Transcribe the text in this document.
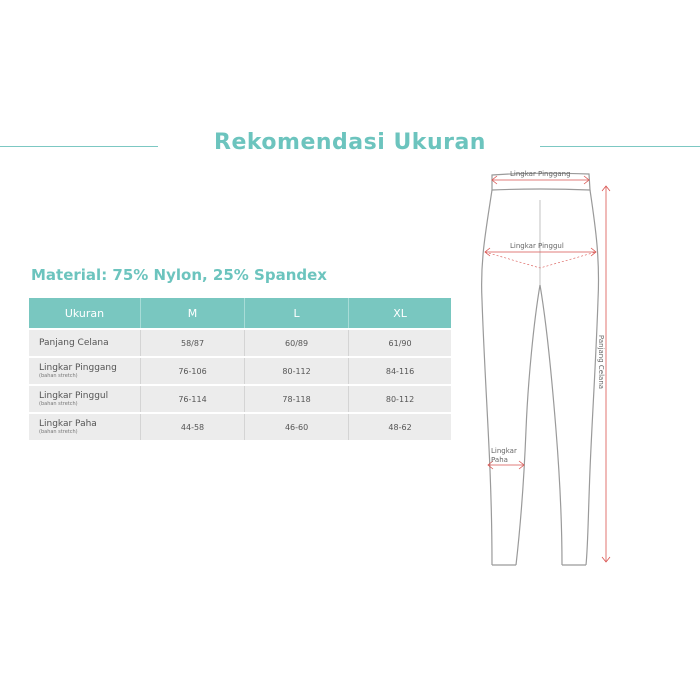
Rekomendasi Ukuran
Material: 75% Nylon, 25% Spandex
Ukuran	M	L	XL

Panjang Celana	58/87	60/89	61/90

Lingkar Pinggang
(bahan stretch)	76-106	80-112	84-116

Lingkar Pinggul
(bahan stretch)	76-114	78-118	80-112

Lingkar Paha
(bahan stretch)	44-58	46-60	48-62
Lingkar Pinggang
Lingkar Pinggul
Lingkar
Paha
Panjang Celana
